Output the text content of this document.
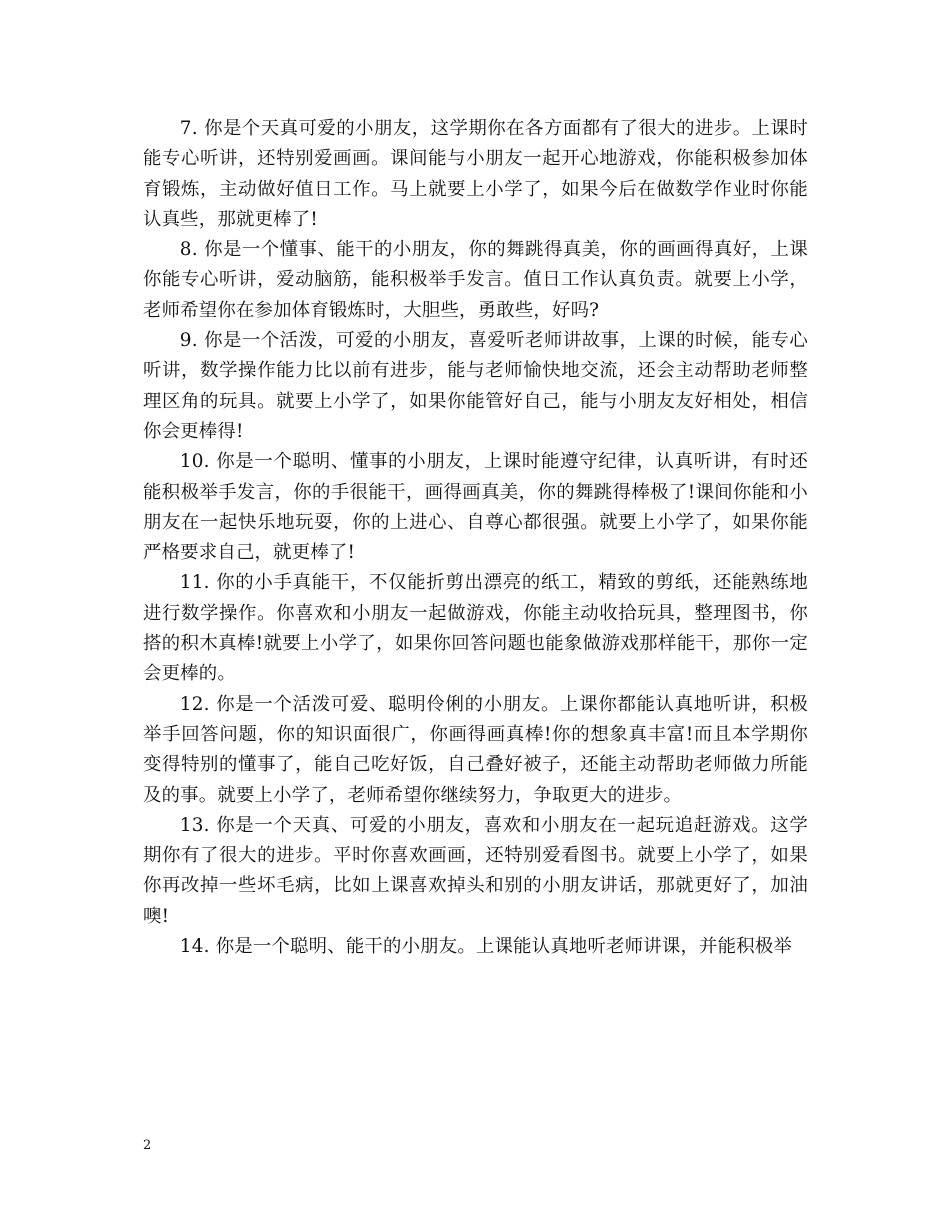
7. 你是个天真可爱的小朋友，这学期你在各方面都有了很大的进步。上课时能专心听讲，还特别爱画画。课间能与小朋友一起开心地游戏，你能积极参加体育锻炼，主动做好值日工作。马上就要上小学了，如果今后在做数学作业时你能认真些，那就更棒了!

8. 你是一个懂事、能干的小朋友，你的舞跳得真美，你的画画得真好，上课你能专心听讲，爱动脑筋，能积极举手发言。值日工作认真负责。就要上小学，老师希望你在参加体育锻炼时，大胆些，勇敢些，好吗?

9. 你是一个活泼，可爱的小朋友，喜爱听老师讲故事，上课的时候，能专心听讲，数学操作能力比以前有进步，能与老师愉快地交流，还会主动帮助老师整理区角的玩具。就要上小学了，如果你能管好自己，能与小朋友友好相处，相信你会更棒得!

10. 你是一个聪明、懂事的小朋友，上课时能遵守纪律，认真听讲，有时还能积极举手发言，你的手很能干，画得画真美，你的舞跳得棒极了!课间你能和小朋友在一起快乐地玩耍，你的上进心、自尊心都很强。就要上小学了，如果你能严格要求自己，就更棒了!

11. 你的小手真能干，不仅能折剪出漂亮的纸工，精致的剪纸，还能熟练地进行数学操作。你喜欢和小朋友一起做游戏，你能主动收拾玩具，整理图书，你搭的积木真棒!就要上小学了，如果你回答问题也能象做游戏那样能干，那你一定会更棒的。

12. 你是一个活泼可爱、聪明伶俐的小朋友。上课你都能认真地听讲，积极举手回答问题，你的知识面很广，你画得画真棒!你的想象真丰富!而且本学期你变得特别的懂事了，能自己吃好饭，自己叠好被子，还能主动帮助老师做力所能及的事。就要上小学了，老师希望你继续努力，争取更大的进步。

13. 你是一个天真、可爱的小朋友，喜欢和小朋友在一起玩追赶游戏。这学期你有了很大的进步。平时你喜欢画画，还特别爱看图书。就要上小学了，如果你再改掉一些坏毛病，比如上课喜欢掉头和别的小朋友讲话，那就更好了，加油噢!

14. 你是一个聪明、能干的小朋友。上课能认真地听老师讲课，并能积极举

2
